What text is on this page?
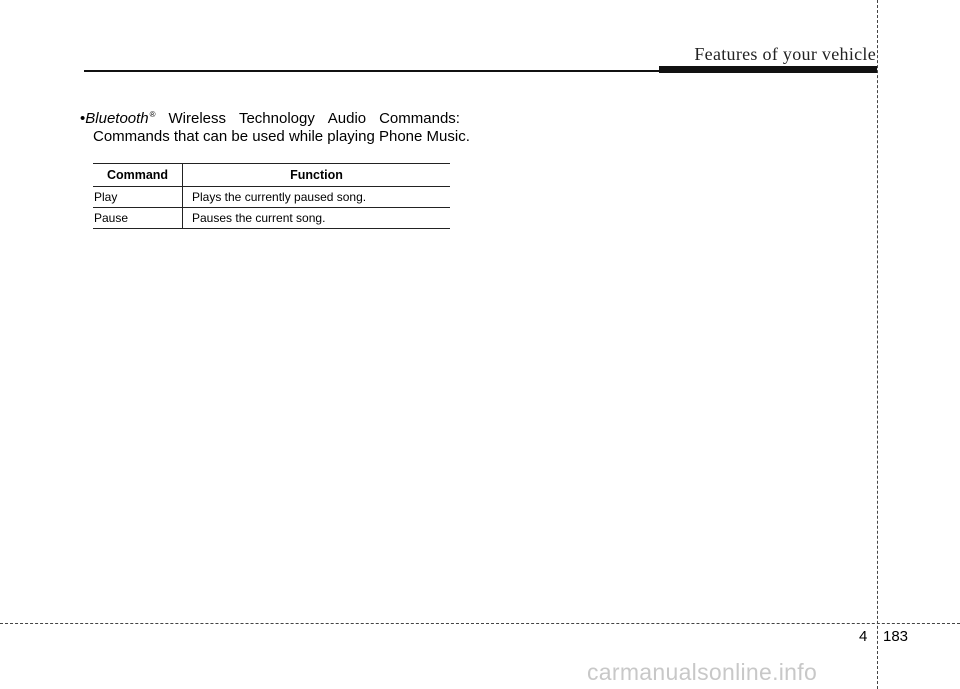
Features of your vehicle
•Bluetooth® Wireless Technology Audio Commands:
Commands that can be used while playing Phone Music.
Command	Function
Play	Plays the currently paused song.
Pause	Pauses the current song.
4 183
carmanualsonline.info
